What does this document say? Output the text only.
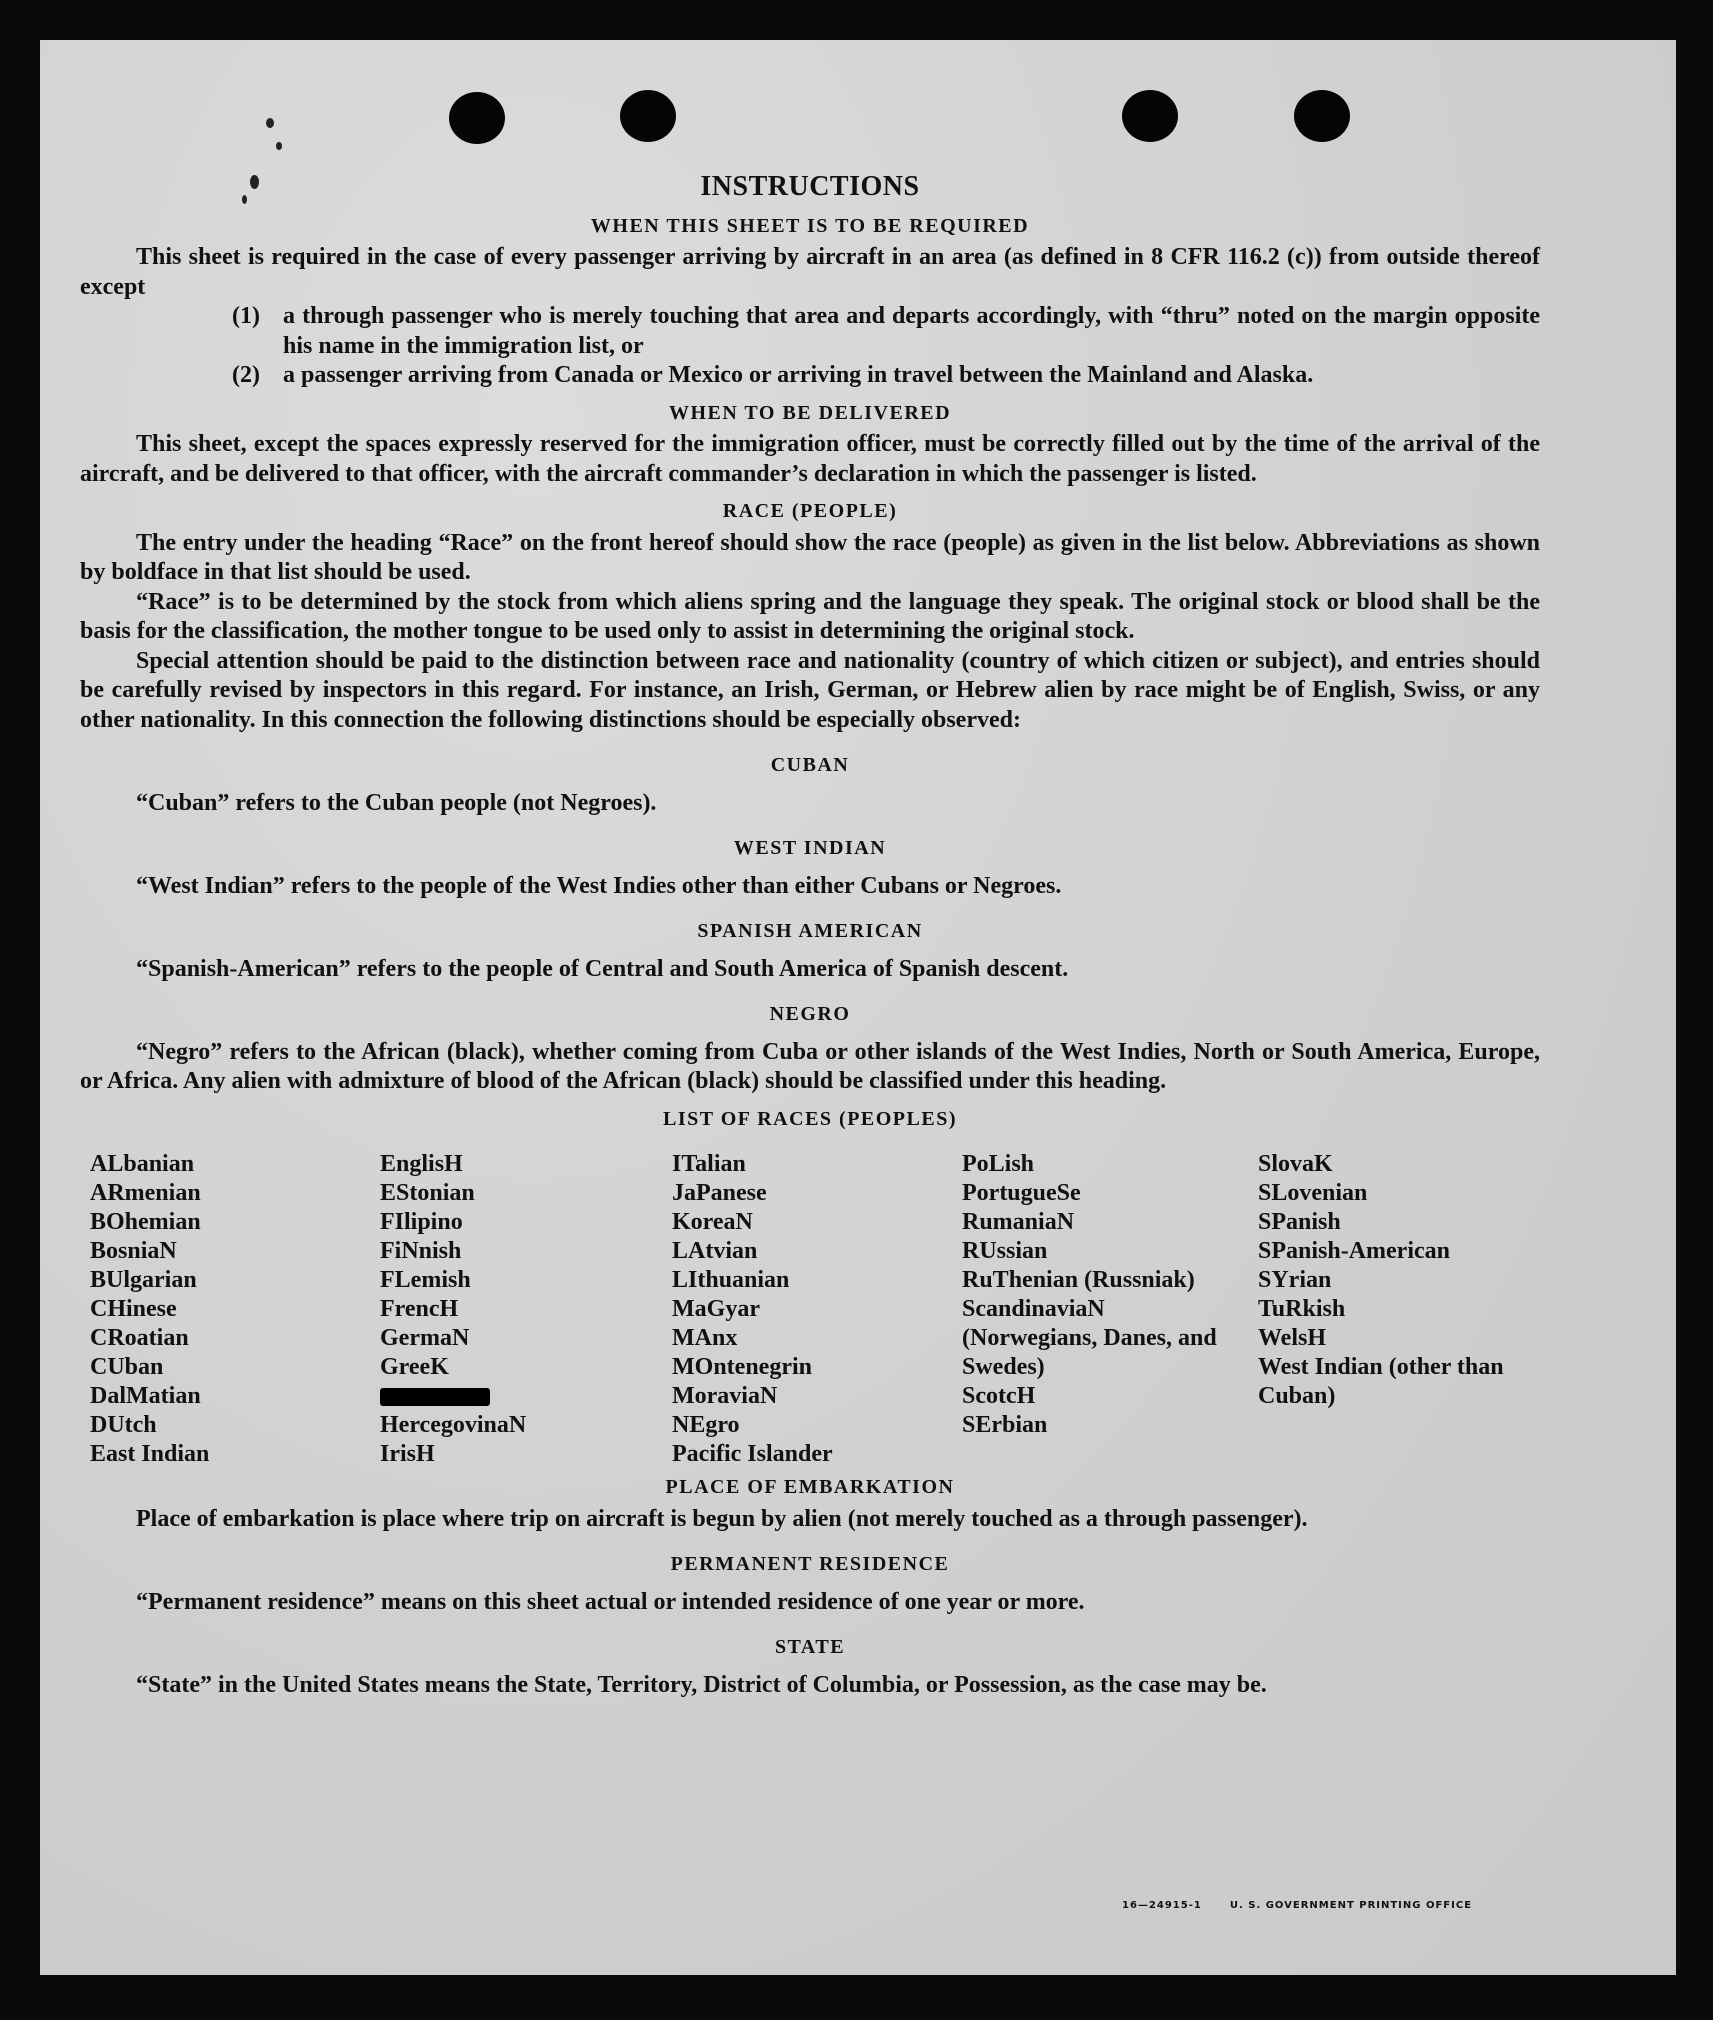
INSTRUCTIONS
WHEN THIS SHEET IS TO BE REQUIRED

This sheet is required in the case of every passenger arriving by aircraft in an area (as defined in 8 CFR 116.2 (c)) from outside thereof except

(1) a through passenger who is merely touching that area and departs accordingly, with “thru” noted on the margin opposite his name in the immigration list, or
(2) a passenger arriving from Canada or Mexico or arriving in travel between the Mainland and Alaska.
WHEN TO BE DELIVERED

This sheet, except the spaces expressly reserved for the immigration officer, must be correctly filled out by the time of the arrival of the aircraft, and be delivered to that officer, with the aircraft commander’s declaration in which the passenger is listed.

RACE (PEOPLE)

The entry under the heading “Race” on the front hereof should show the race (people) as given in the list below. Abbreviations as shown by boldface in that list should be used.

“Race” is to be determined by the stock from which aliens spring and the language they speak. The original stock or blood shall be the basis for the classification, the mother tongue to be used only to assist in determining the original stock.

Special attention should be paid to the distinction between race and nationality (country of which citizen or subject), and entries should be carefully revised by inspectors in this regard. For instance, an Irish, German, or Hebrew alien by race might be of English, Swiss, or any other nationality. In this connection the following distinctions should be especially observed:

CUBAN

“Cuban” refers to the Cuban people (not Negroes).

WEST INDIAN

“West Indian” refers to the people of the West Indies other than either Cubans or Negroes.

SPANISH AMERICAN

“Spanish-American” refers to the people of Central and South America of Spanish descent.

NEGRO

“Negro” refers to the African (black), whether coming from Cuba or other islands of the West Indies, North or South America, Europe, or Africa. Any alien with admixture of blood of the African (black) should be classified under this heading.

LIST OF RACES (PEOPLES)
ALbanian
ARmenian
BOhemian
BosniaN
BUlgarian
CHinese
CRoatian
CUban
DalMatian
DUtch
East Indian
EnglisH
EStonian
FIlipino
FiNnish
FLemish
FrencH
GermaN
GreeK
HercegovinaN
IrisH
ITalian
JaPanese
KoreaN
LAtvian
LIthuanian
MaGyar
MAnx
MOntenegrin
MoraviaN
NEgro
Pacific Islander
PoLish
PortugueSe
RumaniaN
RUssian
RuThenian (Russniak)
ScandinaviaN (Norwegians, Danes, and Swedes)
ScotcH
SErbian
SlovaK
SLovenian
SPanish
SPanish-American
SYrian
TuRkish
WelsH
West Indian (other than Cuban)
PLACE OF EMBARKATION

Place of embarkation is place where trip on aircraft is begun by alien (not merely touched as a through passenger).

PERMANENT RESIDENCE

“Permanent residence” means on this sheet actual or intended residence of one year or more.

STATE

“State” in the United States means the State, Territory, District of Columbia, or Possession, as the case may be.

16—24915-1	U. S. GOVERNMENT PRINTING OFFICE
